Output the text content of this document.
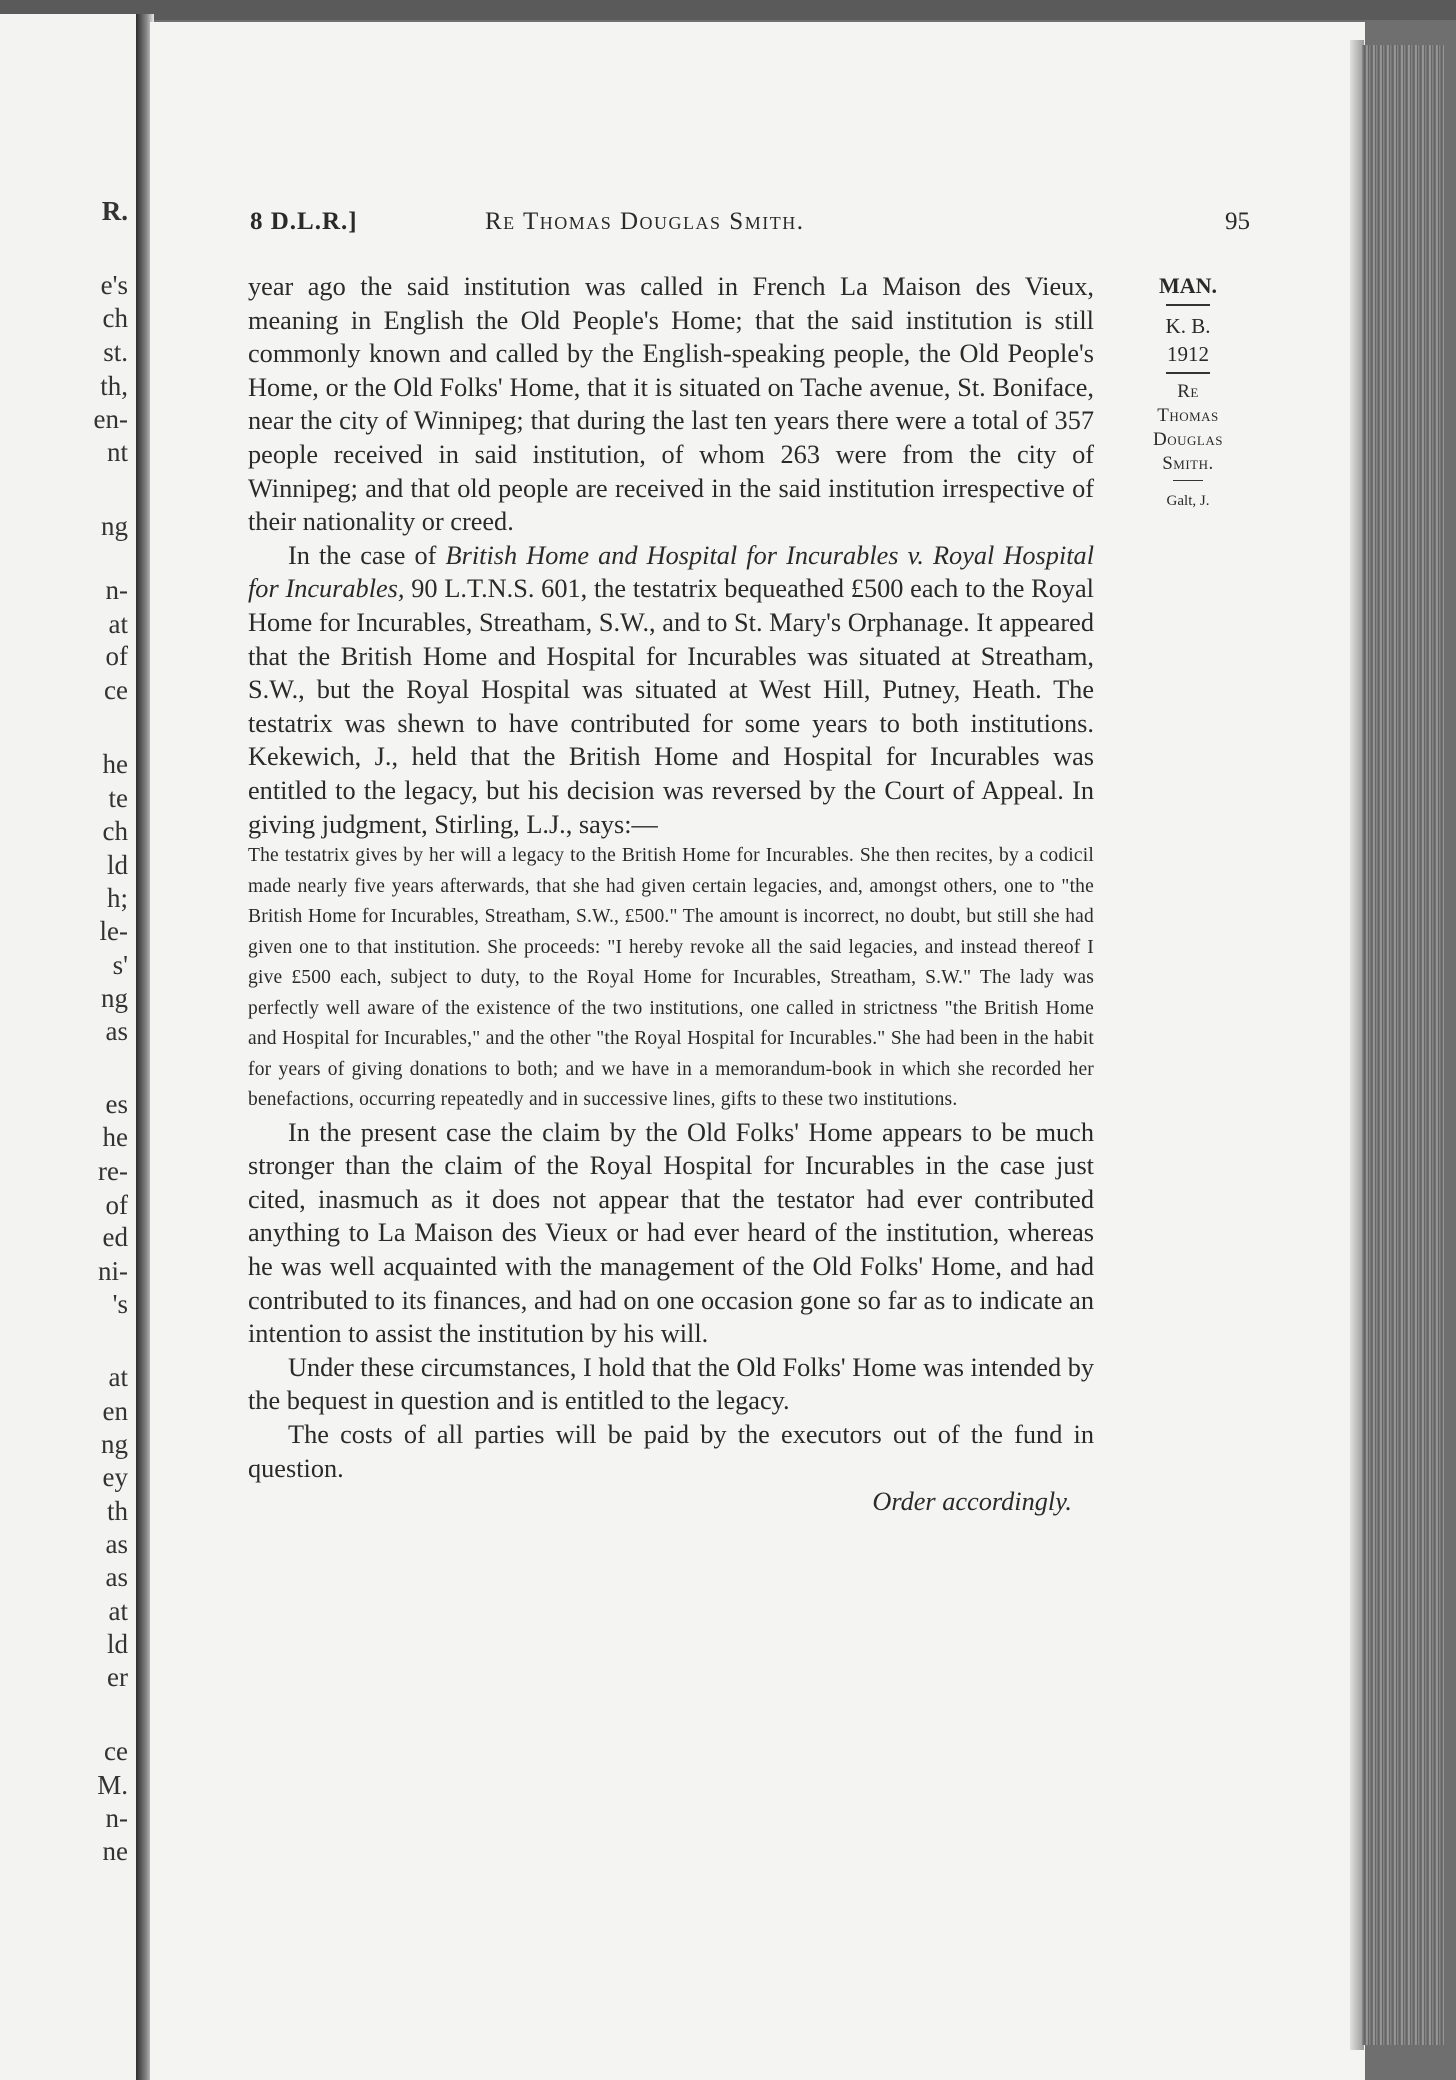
R.
e's
ch
st.
th,
en-
nt
ng
n-
at
of
ce
he
te
ch
ld
h;
le-
s'
ng
as
es
he
re-
of
ed
ni-
's
at
en
ng
ey
th
as
as
at
ld
er
ce
M.
n-
ne
8 D.L.R.]	Re Thomas Douglas Smith.	95
MAN.
K. B.
1912
Re
Thomas
Douglas
Smith.
Galt, J.

year ago the said institution was called in French La Maison des Vieux, meaning in English the Old People's Home; that the said institution is still commonly known and called by the English-speaking people, the Old People's Home, or the Old Folks' Home, that it is situated on Tache avenue, St. Boniface, near the city of Winnipeg; that during the last ten years there were a total of 357 people received in said institution, of whom 263 were from the city of Winnipeg; and that old people are received in the said institution irrespective of their nationality or creed.

In the case of British Home and Hospital for Incurables v. Royal Hospital for Incurables, 90 L.T.N.S. 601, the testatrix bequeathed £500 each to the Royal Home for Incurables, Streatham, S.W., and to St. Mary's Orphanage. It appeared that the British Home and Hospital for Incurables was situated at Streatham, S.W., but the Royal Hospital was situated at West Hill, Putney, Heath. The testatrix was shewn to have contributed for some years to both institutions. Kekewich, J., held that the British Home and Hospital for Incurables was entitled to the legacy, but his decision was reversed by the Court of Appeal. In giving judgment, Stirling, L.J., says:—

The testatrix gives by her will a legacy to the British Home for Incurables. She then recites, by a codicil made nearly five years afterwards, that she had given certain legacies, and, amongst others, one to "the British Home for Incurables, Streatham, S.W., £500." The amount is incorrect, no doubt, but still she had given one to that institution. She proceeds: "I hereby revoke all the said legacies, and instead thereof I give £500 each, subject to duty, to the Royal Home for Incurables, Streatham, S.W." The lady was perfectly well aware of the existence of the two institutions, one called in strictness "the British Home and Hospital for Incurables," and the other "the Royal Hospital for Incurables." She had been in the habit for years of giving donations to both; and we have in a memorandum-book in which she recorded her benefactions, occurring repeatedly and in successive lines, gifts to these two institutions.

In the present case the claim by the Old Folks' Home appears to be much stronger than the claim of the Royal Hospital for Incurables in the case just cited, inasmuch as it does not appear that the testator had ever contributed anything to La Maison des Vieux or had ever heard of the institution, whereas he was well acquainted with the management of the Old Folks' Home, and had contributed to its finances, and had on one occasion gone so far as to indicate an intention to assist the institution by his will.

Under these circumstances, I hold that the Old Folks' Home was intended by the bequest in question and is entitled to the legacy.

The costs of all parties will be paid by the executors out of the fund in question.

Order accordingly.
